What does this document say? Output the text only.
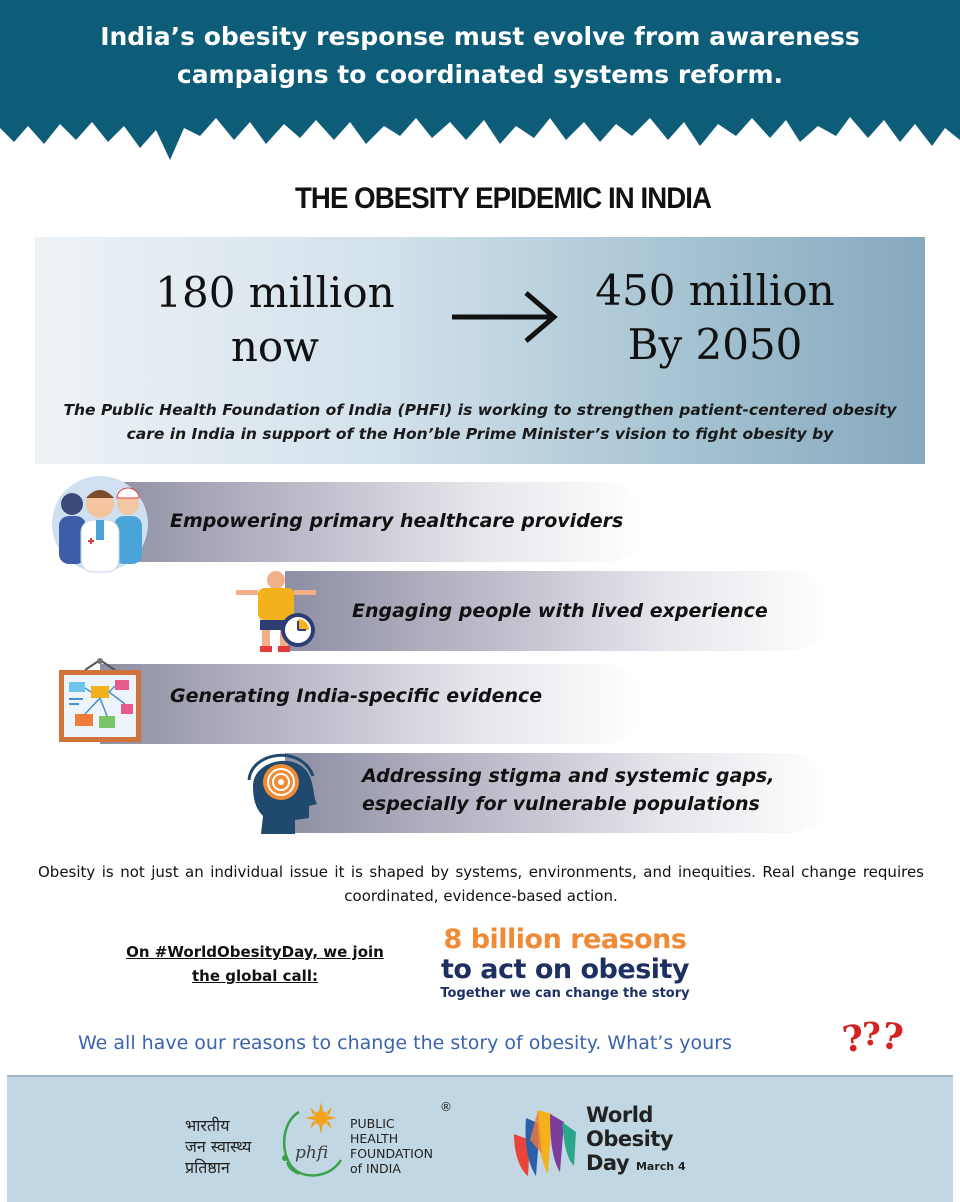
India’s obesity response must evolve from awareness campaigns to coordinated systems reform.
THE OBESITY EPIDEMIC IN INDIA
180 million
now
450 million
By 2050
The Public Health Foundation of India (PHFI) is working to strengthen patient-centered obesity care in India in support of the Hon’ble Prime Minister’s vision to fight obesity by
Empowering primary healthcare providers
Engaging people with lived experience
Generating India-specific evidence
Addressing stigma and systemic gaps, especially for vulnerable populations
Obesity is not just an individual issue it is shaped by systems, environments, and inequities. Real change requires coordinated, evidence-based action.
On #WorldObesityDay, we join the global call:
8 billion reasons
to act on obesity
Together we can change the story
We all have our reasons to change the story of obesity. What’s yours	?
?
?
भारतीय
जन स्वास्थ्य
प्रतिष्ठान
phfi
PUBLIC
HEALTH
FOUNDATION
of INDIA
®	World
Obesity
Day March 4
